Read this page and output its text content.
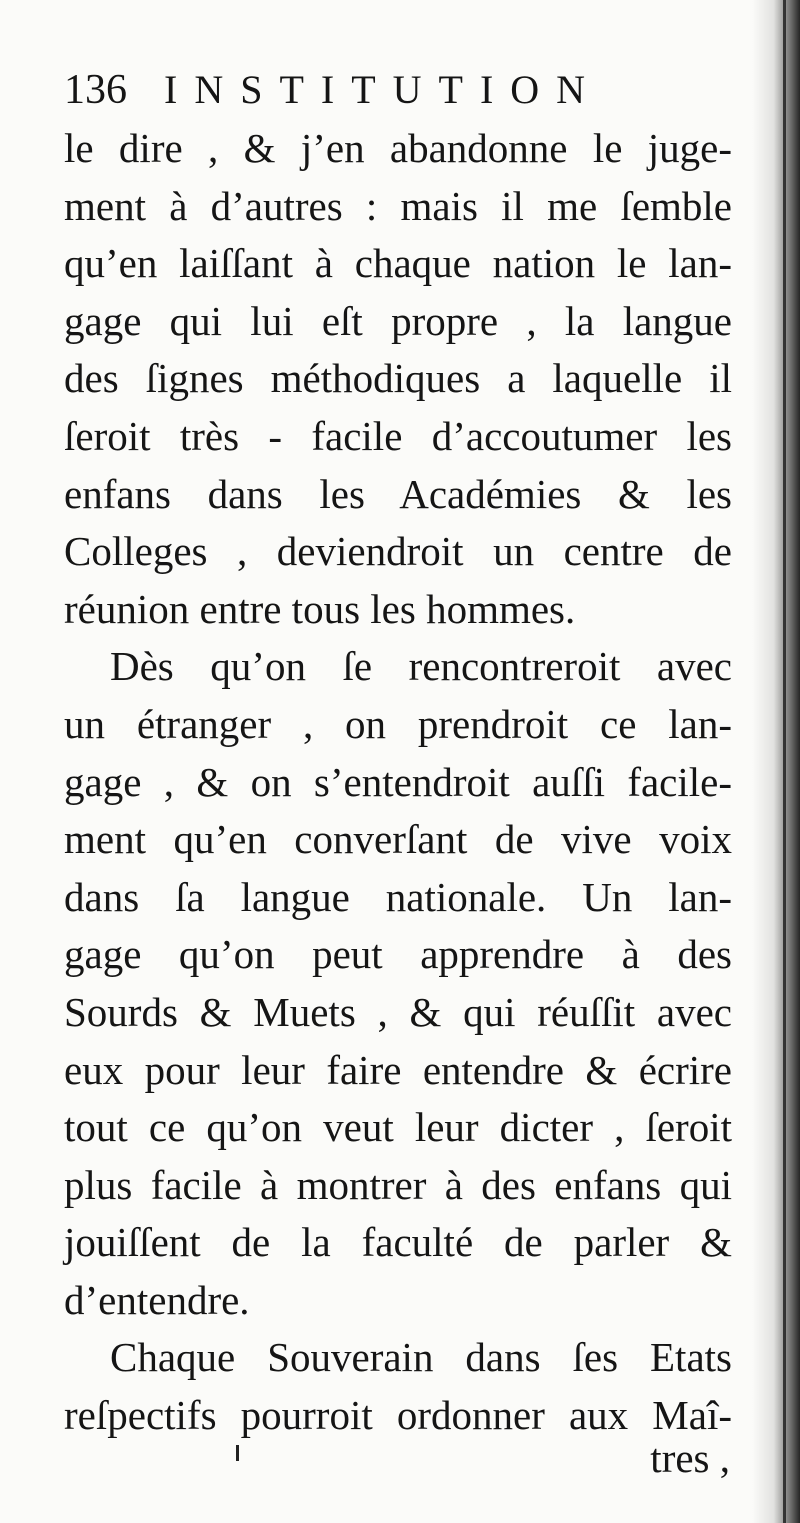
136 INSTITUTION
le dire , & j’en abandonne le juge-
ment à d’autres : mais il me ſemble
qu’en laiſſant à chaque nation le lan-
gage qui lui eſt propre , la langue
des ſignes méthodiques a laquelle il
ſeroit très - facile d’accoutumer les
enfans dans les Académies & les
Colleges , deviendroit un centre de
réunion entre tous les hommes.
Dès qu’on ſe rencontreroit avec
un étranger , on prendroit ce lan-
gage , & on s’entendroit auſſi facile-
ment qu’en converſant de vive voix
dans ſa langue nationale. Un lan-
gage qu’on peut apprendre à des
Sourds & Muets , & qui réuſſit avec
eux pour leur faire entendre & écrire
tout ce qu’on veut leur dicter , ſeroit
plus facile à montrer à des enfans qui
jouiſſent de la faculté de parler &
d’entendre.
Chaque Souverain dans ſes Etats
reſpectifs pourroit ordonner aux Maî-
tres ,
